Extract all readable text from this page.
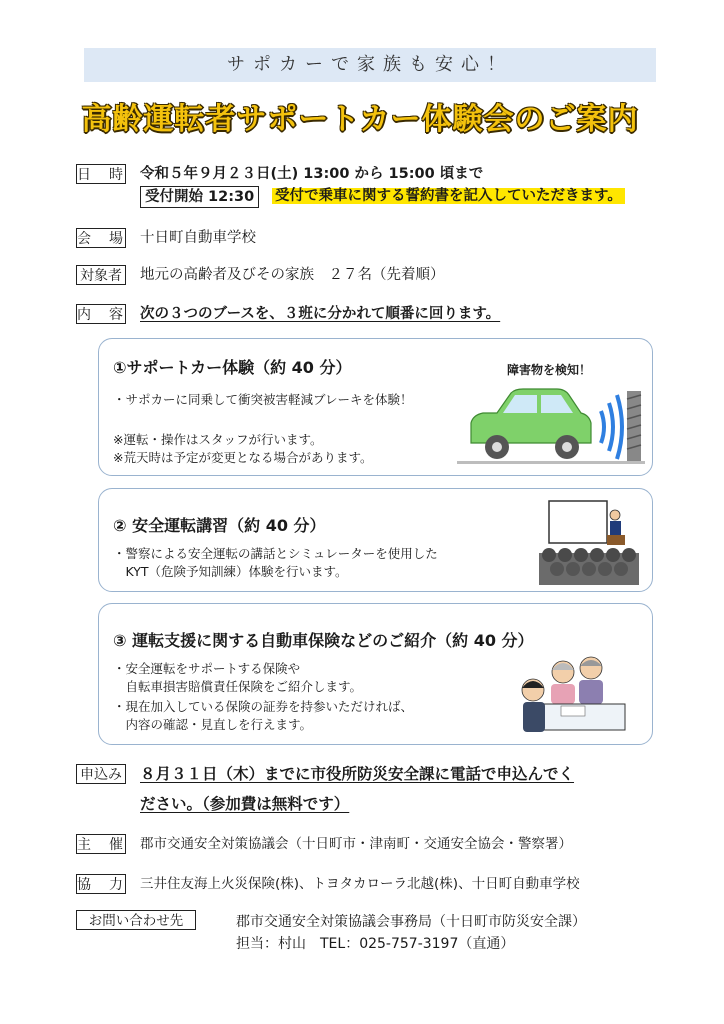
サポカーで家族も安心！
高齢運転者サポートカー体験会のご案内
日　時 令和５年９月２３日(土) 13:00 から 15:00 頃まで
受付開始 12:30	受付で乗車に関する誓約書を記入していただきます。
会　場 十日町自動車学校
対象者 地元の高齢者及びその家族　２７名（先着順）
内　容 次の３つのブースを、３班に分かれて順番に回ります。
①サポートカー体験（約 40 分）
・サポカーに同乗して衝突被害軽減ブレーキを体験！
※運転・操作はスタッフが行います。
※荒天時は予定が変更となる場合があります。
障害物を検知！
② 安全運転講習（約 40 分）
・警察による安全運転の講話とシミュレーターを使用した
　KYT（危険予知訓練）体験を行います。
③ 運転支援に関する自動車保険などのご紹介（約 40 分）
・安全運転をサポートする保険や
　自転車損害賠償責任保険をご紹介します。
・現在加入している保険の証券を持参いただければ、
　内容の確認・見直しを行えます。
申込み ８月３１日（木）までに市役所防災安全課に電話で申込んでく
ださい。（参加費は無料です）
主　催 郡市交通安全対策協議会（十日町市・津南町・交通安全協会・警察署）
協　力 三井住友海上火災保険(株)、トヨタカローラ北越(株)、十日町自動車学校
お問い合わせ先	郡市交通安全対策協議会事務局（十日町市防災安全課）
担当：村山　TEL：025-757-3197（直通）
